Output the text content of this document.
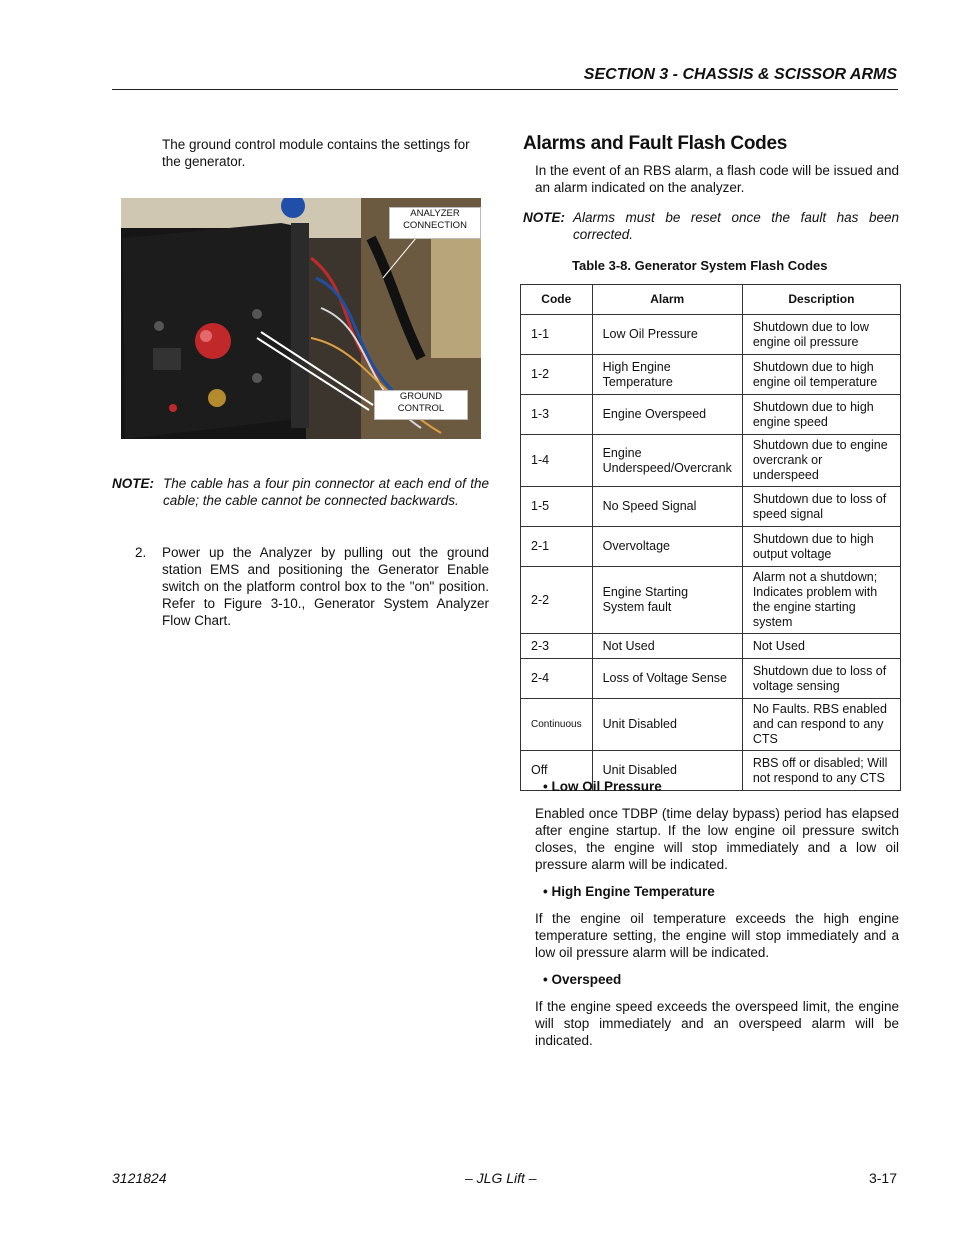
SECTION 3 - CHASSIS & SCISSOR ARMS
The ground control module contains the settings for the generator.
ANALYZER
CONNECTION
GROUND
CONTROL
NOTE: The cable has a four pin connector at each end of the cable; the cable cannot be connected backwards.
2.	Power up the Analyzer by pulling out the ground station EMS and positioning the Generator Enable switch on the platform control box to the "on" position. Refer to Figure 3-10., Generator System Analyzer Flow Chart.
Alarms and Fault Flash Codes
In the event of an RBS alarm, a flash code will be issued and an alarm indicated on the analyzer.
NOTE: Alarms must be reset once the fault has been corrected.
Table 3-8. Generator System Flash Codes
Code	Alarm	Description
1-1	Low Oil Pressure	Shutdown due to low engine oil pressure
1-2	High Engine Temperature	Shutdown due to high engine oil temperature
1-3	Engine Overspeed	Shutdown due to high engine speed
1-4	Engine Underspeed/Overcrank	Shutdown due to engine overcrank or underspeed
1-5	No Speed Signal	Shutdown due to loss of speed signal
2-1	Overvoltage	Shutdown due to high output voltage
2-2	Engine Starting System fault	Alarm not a shutdown; Indicates problem with the engine starting system
2-3	Not Used	Not Used
2-4	Loss of Voltage Sense	Shutdown due to loss of voltage sensing
Continuous	Unit Disabled	No Faults. RBS enabled and can respond to any CTS
Off	Unit Disabled	RBS off or disabled; Will not respond to any CTS
• Low Oil Pressure
Enabled once TDBP (time delay bypass) period has elapsed after engine startup. If the low engine oil pressure switch closes, the engine will stop immediately and a low oil pressure alarm will be indicated.
• High Engine Temperature
If the engine oil temperature exceeds the high engine temperature setting, the engine will stop immediately and a low oil pressure alarm will be indicated.
• Overspeed
If the engine speed exceeds the overspeed limit, the engine will stop immediately and an overspeed alarm will be indicated.
3121824	– JLG Lift –	3-17
